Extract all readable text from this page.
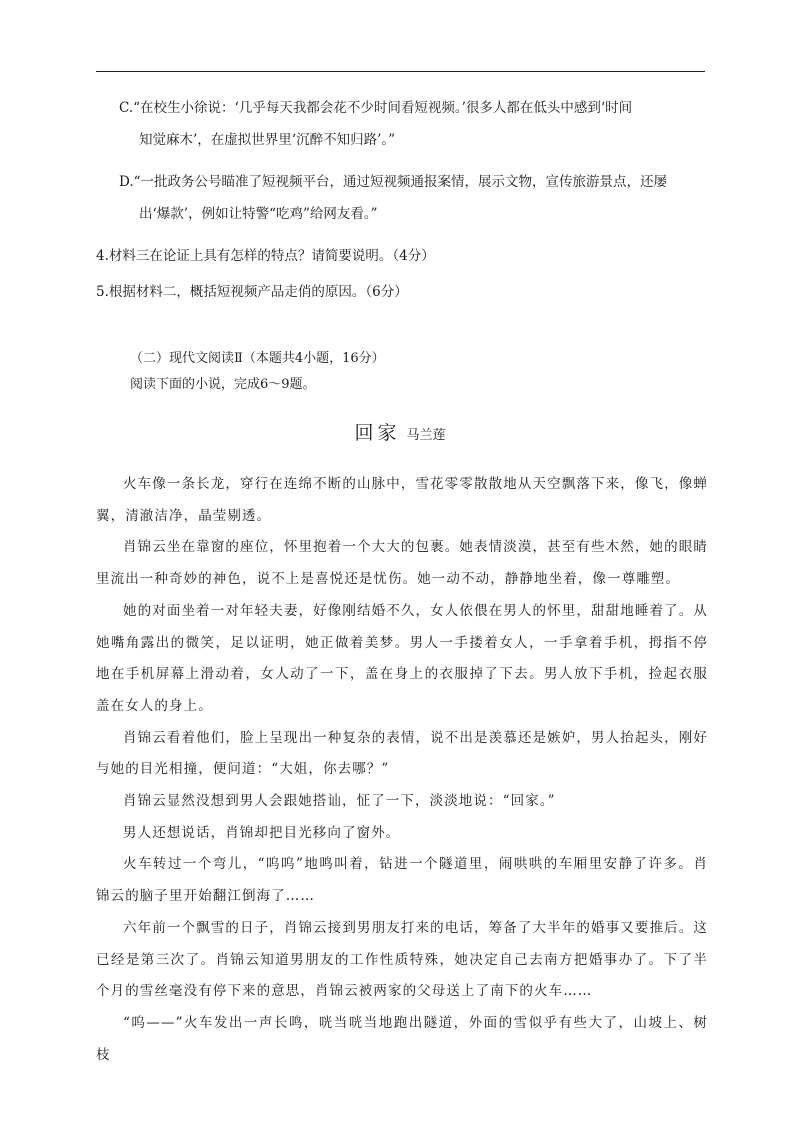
C.“在校生小徐说：‘几乎每天我都会花不少时间看短视频。’很多人都在低头中感到‘时间
知觉麻木’，在虚拟世界里‘沉醉不知归路’。”
D.“一批政务公号瞄准了短视频平台，通过短视频通报案情，展示文物，宣传旅游景点，还屡
出‘爆款’，例如让特警“吃鸡”给网友看。”
4.材料三在论证上具有怎样的特点？请简要说明。（4分）
5.根据材料二，概括短视频产品走俏的原因。（6分）
（二）现代文阅读Ⅱ（本题共4小题，16分）
阅读下面的小说，完成6～9题。
回家 马兰莲

火车像一条长龙，穿行在连绵不断的山脉中，雪花零零散散地从天空飘落下来，像飞，像蝉翼，清澈洁净，晶莹剔透。

肖锦云坐在靠窗的座位，怀里抱着一个大大的包裹。她表情淡漠，甚至有些木然，她的眼睛里流出一种奇妙的神色，说不上是喜悦还是忧伤。她一动不动，静静地坐着，像一尊雕塑。

她的对面坐着一对年轻夫妻，好像刚结婚不久，女人依偎在男人的怀里，甜甜地睡着了。从她嘴角露出的微笑，足以证明，她正做着美梦。男人一手搂着女人，一手拿着手机，拇指不停地在手机屏幕上滑动着，女人动了一下，盖在身上的衣服掉了下去。男人放下手机，捡起衣服盖在女人的身上。

肖锦云看着他们，脸上呈现出一种复杂的表情，说不出是羡慕还是嫉妒，男人抬起头，刚好与她的目光相撞，便问道：“大姐，你去哪？”

肖锦云显然没想到男人会跟她搭讪，怔了一下，淡淡地说：“回家。”

男人还想说话，肖锦却把目光移向了窗外。

火车转过一个弯儿，“呜呜”地鸣叫着，钻进一个隧道里，闹哄哄的车厢里安静了许多。肖锦云的脑子里开始翻江倒海了……

六年前一个飘雪的日子，肖锦云接到男朋友打来的电话，筹备了大半年的婚事又要推后。这已经是第三次了。肖锦云知道男朋友的工作性质特殊，她决定自己去南方把婚事办了。下了半个月的雪丝毫没有停下来的意思，肖锦云被两家的父母送上了南下的火车……

“呜——”火车发出一声长鸣，咣当咣当地跑出隧道，外面的雪似乎有些大了，山坡上、树枝
